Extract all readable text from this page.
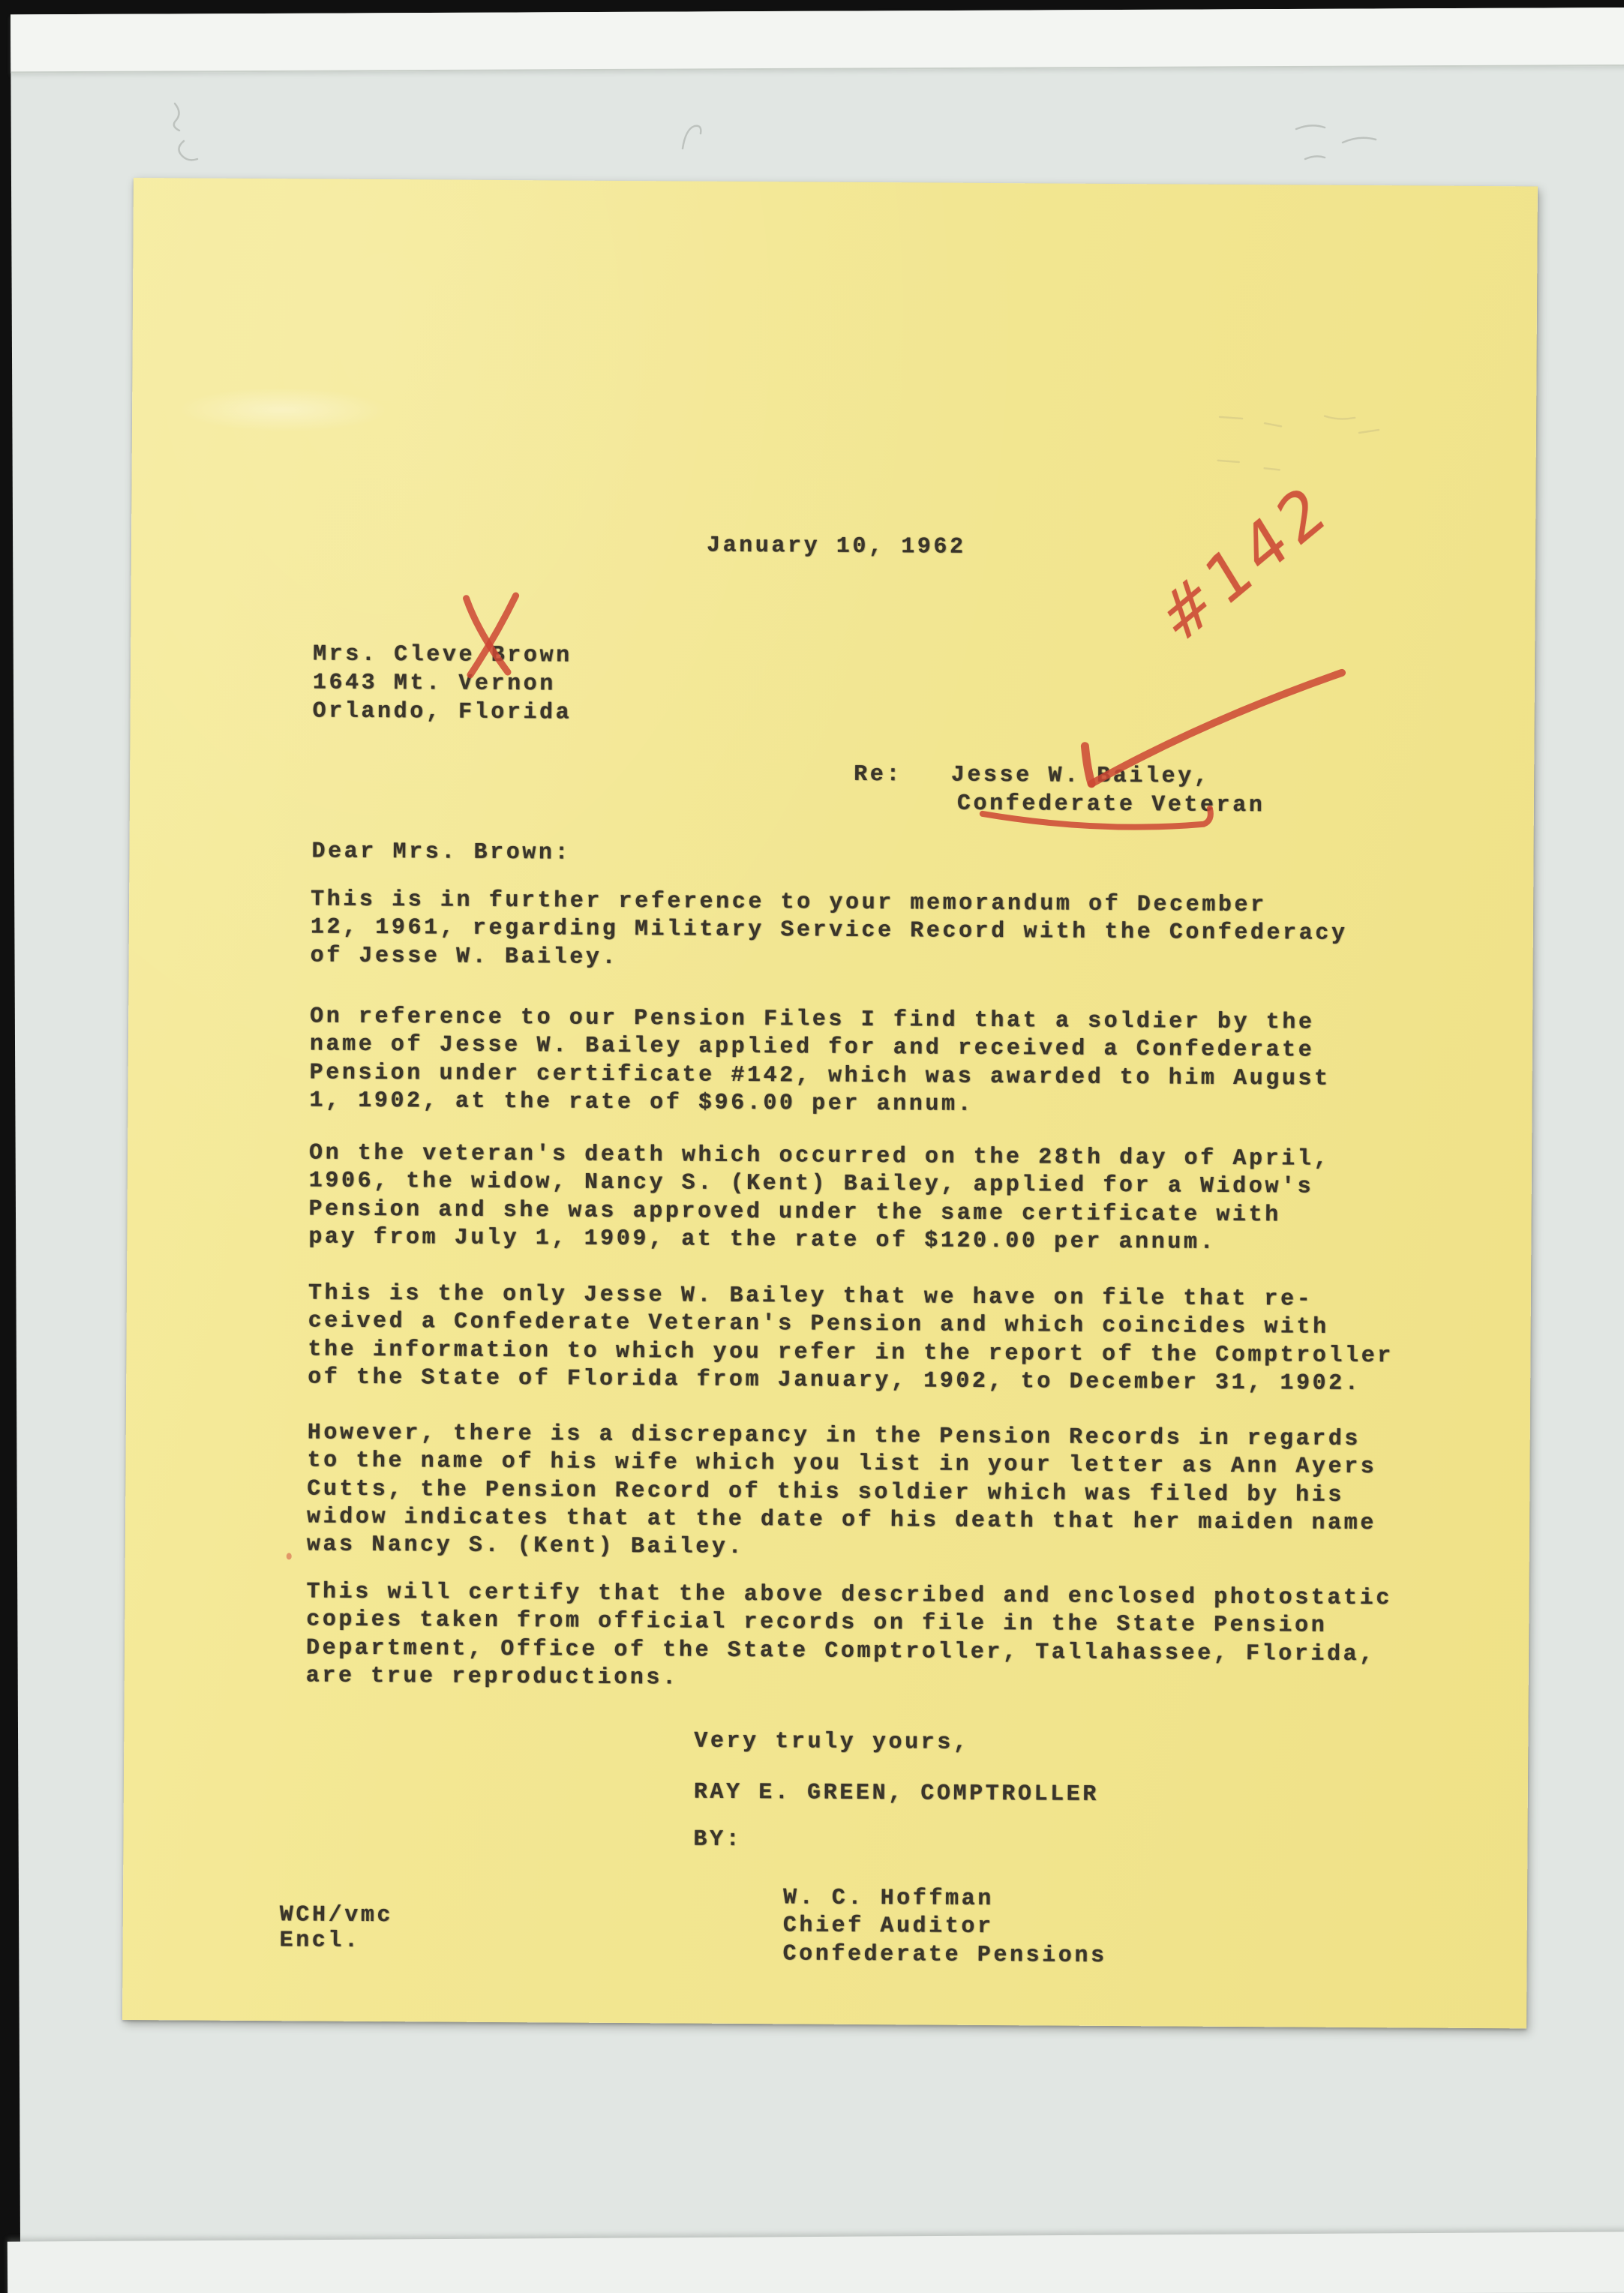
January 10, 1962	#142
Mrs. Cleve Brown
1643 Mt. Vernon
Orlando, Florida
Re:   Jesse W. Bailey,
Confederate Veteran
Dear Mrs. Brown:
This is in further reference to your memorandum of December
12, 1961, regarding Military Service Record with the Confederacy
of Jesse W. Bailey.
On reference to our Pension Files I find that a soldier by the
name of Jesse W. Bailey applied for and received a Confederate
Pension under certificate #142, which was awarded to him August
1, 1902, at the rate of $96.00 per annum.
On the veteran's death which occurred on the 28th day of April,
1906, the widow, Nancy S. (Kent) Bailey, applied for a Widow's
Pension and she was approved under the same certificate with
pay from July 1, 1909, at the rate of $120.00 per annum.
This is the only Jesse W. Bailey that we have on file that re-
ceived a Confederate Veteran's Pension and which coincides with
the information to which you refer in the report of the Comptroller
of the State of Florida from January, 1902, to December 31, 1902.
However, there is a discrepancy in the Pension Records in regards
to the name of his wife which you list in your letter as Ann Ayers
Cutts, the Pension Record of this soldier which was filed by his
widow indicates that at the date of his death that her maiden name
was Nancy S. (Kent) Bailey.
This will certify that the above described and enclosed photostatic
copies taken from official records on file in the State Pension
Department, Office of the State Comptroller, Tallahassee, Florida,
are true reproductions.
Very truly yours,
RAY E. GREEN, COMPTROLLER
BY:
W. C. Hoffman
Chief Auditor
Confederate Pensions
WCH/vmc
Encl.
